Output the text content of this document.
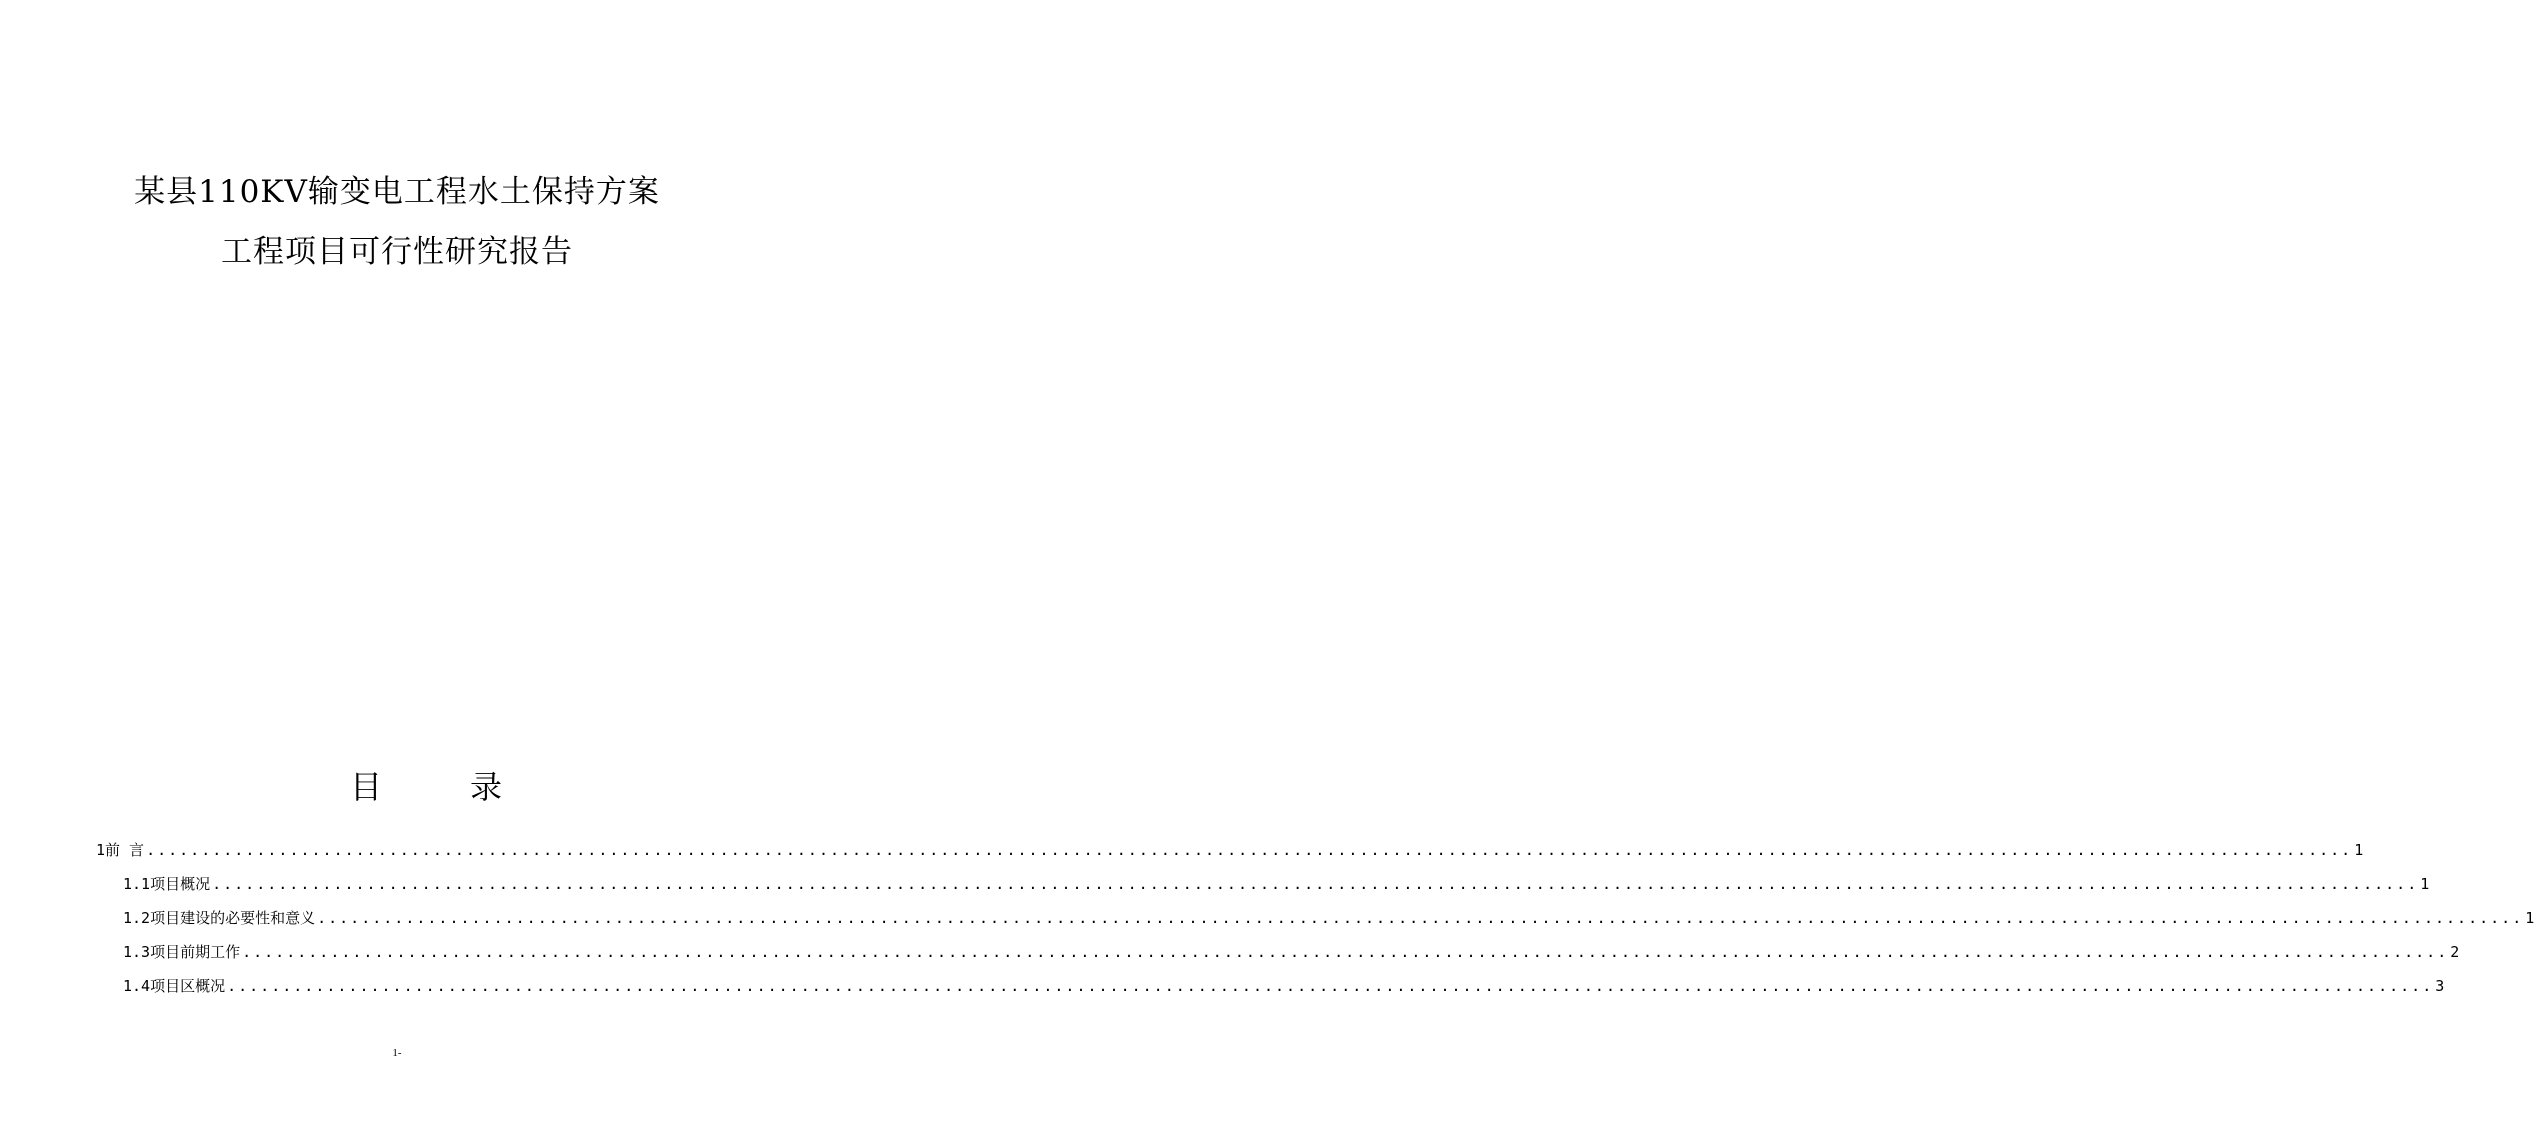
某县110KV输变电工程水土保持方案
工程项目可行性研究报告
目	录
1前 言 ........................................................................................................................................................................................................ 1
1.1项目概况 ........................................................................................................................................................................................................ 1
1.2项目建设的必要性和意义 ........................................................................................................................................................................................................ 1
1.3项目前期工作 ........................................................................................................................................................................................................ 2
1.4项目区概况 ........................................................................................................................................................................................................ 3
1-
